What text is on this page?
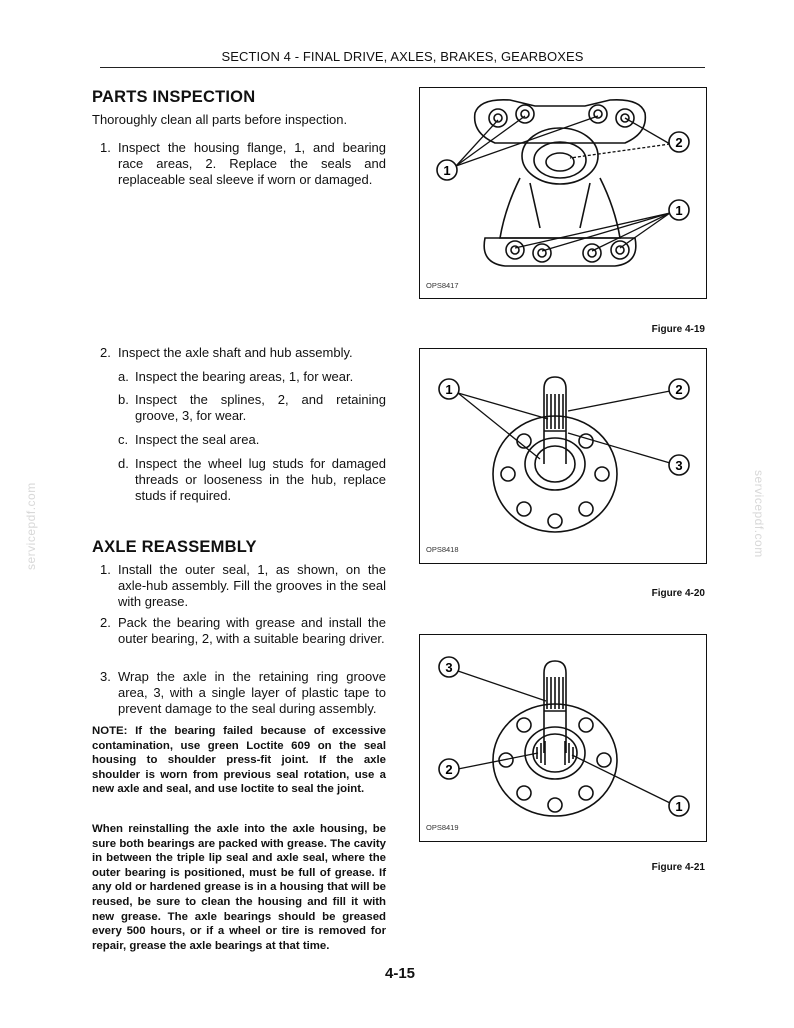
SECTION 4 - FINAL DRIVE, AXLES, BRAKES, GEARBOXES
servicepdf.com	servicepdf.com
PARTS INSPECTION
Thoroughly clean all parts before inspection.
1. Inspect the housing flange, 1, and bearing race areas, 2. Replace the seals and replaceable seal sleeve if worn or damaged.
2. Inspect the axle shaft and hub assembly.
a. Inspect the bearing areas, 1, for wear.
b. Inspect the splines, 2, and retaining groove, 3, for wear.
c. Inspect the seal area.
d. Inspect the wheel lug studs for damaged threads or looseness in the hub, replace studs if required.
AXLE REASSEMBLY
1. Install the outer seal, 1, as shown, on the axle-hub assembly. Fill the grooves in the seal with grease.
2. Pack the bearing with grease and install the outer bearing, 2, with a suitable bearing driver.
3. Wrap the axle in the retaining ring groove area, 3, with a single layer of plastic tape to prevent damage to the seal during assembly.
NOTE: If the bearing failed because of excessive contamination, use green Loctite 609 on the seal housing to shoulder press-fit joint. If the axle shoulder is worn from previous seal rotation, use a new axle and seal, and use loctite to seal the joint.
When reinstalling the axle into the axle housing, be sure both bearings are packed with grease. The cavity in between the triple lip seal and axle seal, where the outer bearing is positioned, must be full of grease. If any old or hardened grease is in a housing that will be reused, be sure to clean the housing and fill it with new grease. The axle bearings should be greased every 500 hours, or if a wheel or tire is removed for repair, grease the axle bearings at that time.
1
2
1
OPS8417
Figure 4-19
1	2
3
OPS8418
Figure 4-20
3
2
1
OPS8419
Figure 4-21
4-15
